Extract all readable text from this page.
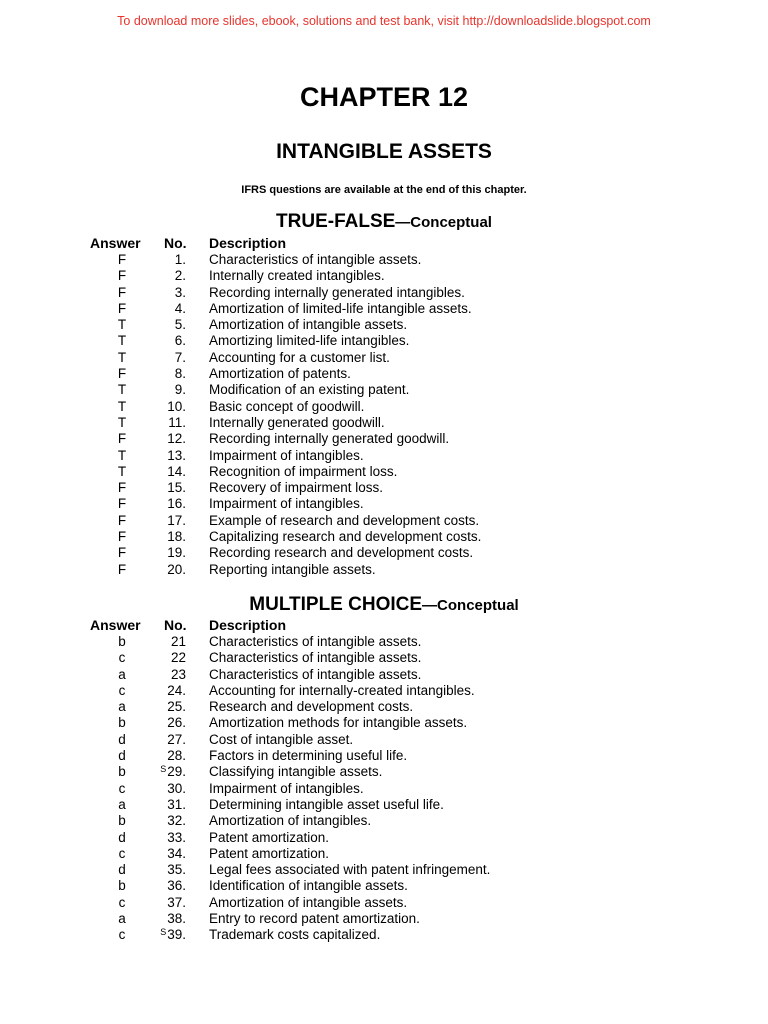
To download more slides, ebook, solutions and test bank, visit http://downloadslide.blogspot.com
CHAPTER 12
INTANGIBLE ASSETS
IFRS questions are available at the end of this chapter.
TRUE-FALSE—Conceptual
Answer No. Description
F	1. Characteristics of intangible assets.
F	2. Internally created intangibles.
F	3. Recording internally generated intangibles.
F	4. Amortization of limited-life intangible assets.
T	5. Amortization of intangible assets.
T	6. Amortizing limited-life intangibles.
T	7. Accounting for a customer list.
F	8. Amortization of patents.
T	9. Modification of an existing patent.
T	10. Basic concept of goodwill.
T	11. Internally generated goodwill.
F	12. Recording internally generated goodwill.
T	13. Impairment of intangibles.
T	14. Recognition of impairment loss.
F	15. Recovery of impairment loss.
F	16. Impairment of intangibles.
F	17. Example of research and development costs.
F	18. Capitalizing research and development costs.
F	19. Recording research and development costs.
F	20. Reporting intangible assets.
MULTIPLE CHOICE—Conceptual
Answer No. Description
b	21 Characteristics of intangible assets.
c	22 Characteristics of intangible assets.
a	23 Characteristics of intangible assets.
c	24. Accounting for internally-created intangibles.
a	25. Research and development costs.
b	26. Amortization methods for intangible assets.
d	27. Cost of intangible asset.
d	28. Factors in determining useful life.
b	$^S$29. Classifying intangible assets.
c	30. Impairment of intangibles.
a	31. Determining intangible asset useful life.
b	32. Amortization of intangibles.
d	33. Patent amortization.
c	34. Patent amortization.
d	35. Legal fees associated with patent infringement.
b	36. Identification of intangible assets.
c	37. Amortization of intangible assets.
a	38. Entry to record patent amortization.
c	$^S$39. Trademark costs capitalized.
